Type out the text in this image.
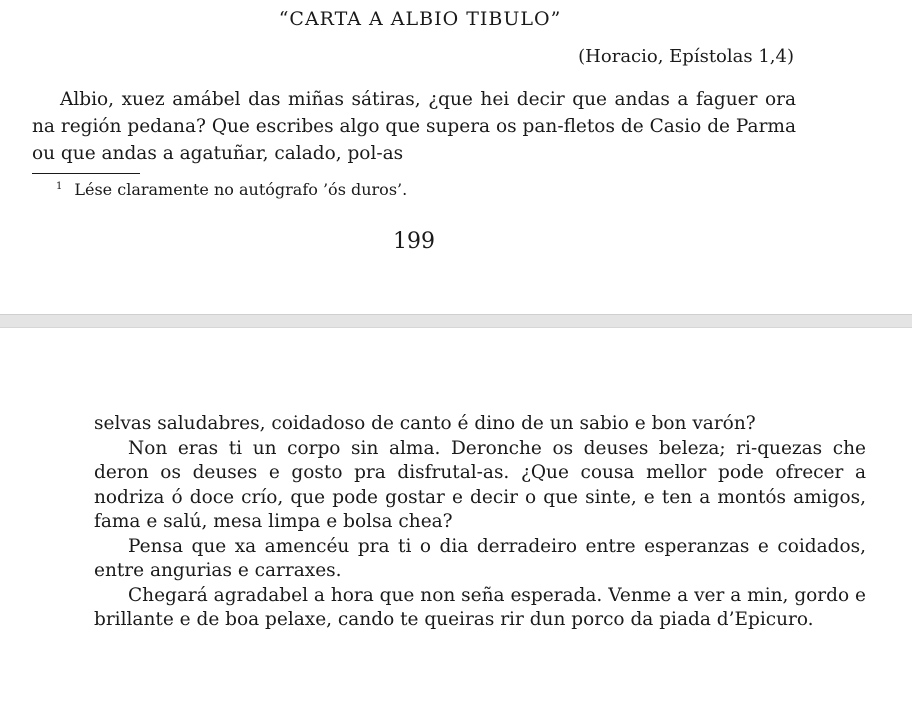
“CARTA A ALBIO TIBULO”
(Horacio, Epístolas 1,4)

Albio, xuez amábel das miñas sátiras, ¿que hei decir que andas a faguer ora na región pedana? Que escribes algo que supera os pan-fletos de Casio de Parma ou que andas a agatuñar, calado, pol-as

$^1$ Lése claramente no autógrafo ’ós duros’.

199

selvas saludabres, coidadoso de canto é dino de un sabio e bon varón?

Non eras ti un corpo sin alma. Deronche os deuses beleza; ri-quezas che deron os deuses e gosto pra disfrutal-as. ¿Que cousa mellor pode ofrecer a nodriza ó doce crío, que pode gostar e decir o que sinte, e ten a montós amigos, fama e salú, mesa limpa e bolsa chea?

Pensa que xa amencéu pra ti o dia derradeiro entre esperanzas e coidados, entre angurias e carraxes.

Chegará agradabel a hora que non seña esperada. Venme a ver a min, gordo e brillante e de boa pelaxe, cando te queiras rir dun porco da piada d’Epicuro.
